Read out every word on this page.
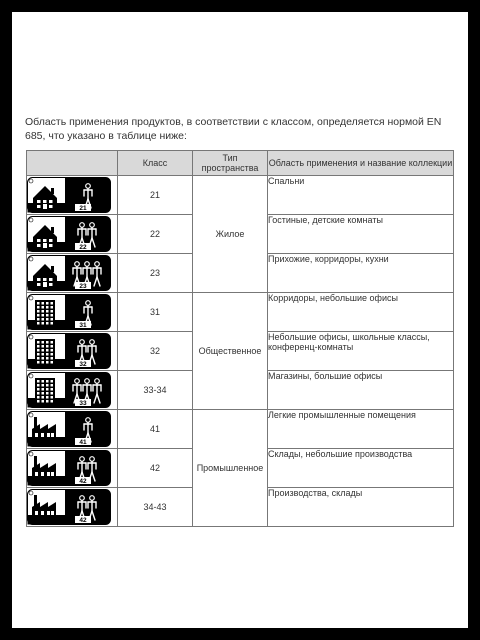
Область применения продуктов, в соответствии с классом, определяется нормой EN 685, что указано в таблице ниже:

	Класс	Тип пространства	Область применения и название коллекции

21	21	Жилое	Спальни

22	22		Гостиные, детские комнаты

23	23		Прихожие, корридоры, кухни

31	31	Общественное	Корридоры, небольшие офисы

32	32		Небольшие офисы, школьные классы, конференц-комнаты

33	33-34		Магазины, большие офисы

41	41	Промышленное	Легкие промышленные помещения

42	42		Склады, небольшие производства

42	34-43		Производства, склады
